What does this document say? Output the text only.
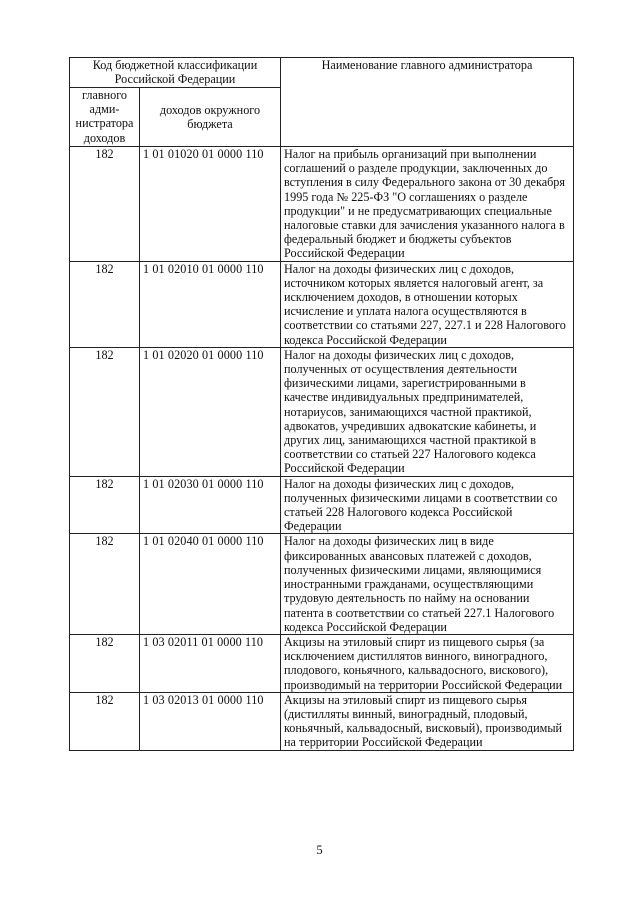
Код бюджетной классификации Российской Федерации		Наименование главного администратора
главного адми- нистратора доходов	доходов окружного бюджета	
182	1 01 01020 01 0000 110	Налог на прибыль организаций при выполнении соглашений о разделе продукции, заключенных до вступления в силу Федерального закона от 30 декабря 1995 года № 225-ФЗ "О соглашениях о разделе продукции" и не предусматривающих специальные налоговые ставки для зачисления указанного налога в федеральный бюджет и бюджеты субъектов Российской Федерации
182	1 01 02010 01 0000 110	Налог на доходы физических лиц с доходов, источником которых является налоговый агент, за исключением доходов, в отношении которых исчисление и уплата налога осуществляются в соответствии со статьями 227, 227.1 и 228 Налогового кодекса Российской Федерации
182	1 01 02020 01 0000 110	Налог на доходы физических лиц с доходов, полученных от осуществления деятельности физическими лицами, зарегистрированными в качестве индивидуальных предпринимателей, нотариусов, занимающихся частной практикой, адвокатов, учредивших адвокатские кабинеты, и других лиц, занимающихся частной практикой в соответствии со статьей 227 Налогового кодекса Российской Федерации
182	1 01 02030 01 0000 110	Налог на доходы физических лиц с доходов, полученных физическими лицами в соответствии со статьей 228 Налогового кодекса Российской Федерации
182	1 01 02040 01 0000 110	Налог на доходы физических лиц в виде фиксированных авансовых платежей с доходов, полученных физическими лицами, являющимися иностранными гражданами, осуществляющими трудовую деятельность по найму на основании патента в соответствии со статьей 227.1 Налогового кодекса Российской Федерации
182	1 03 02011 01 0000 110	Акцизы на этиловый спирт из пищевого сырья (за исключением дистиллятов винного, виноградного, плодового, коньячного, кальвадосного, вискового), производимый на территории Российской Федерации
182	1 03 02013 01 0000 110	Акцизы на этиловый спирт из пищевого сырья (дистилляты винный, виноградный, плодовый, коньячный, кальвадосный, висковый), производимый на территории Российской Федерации
5
